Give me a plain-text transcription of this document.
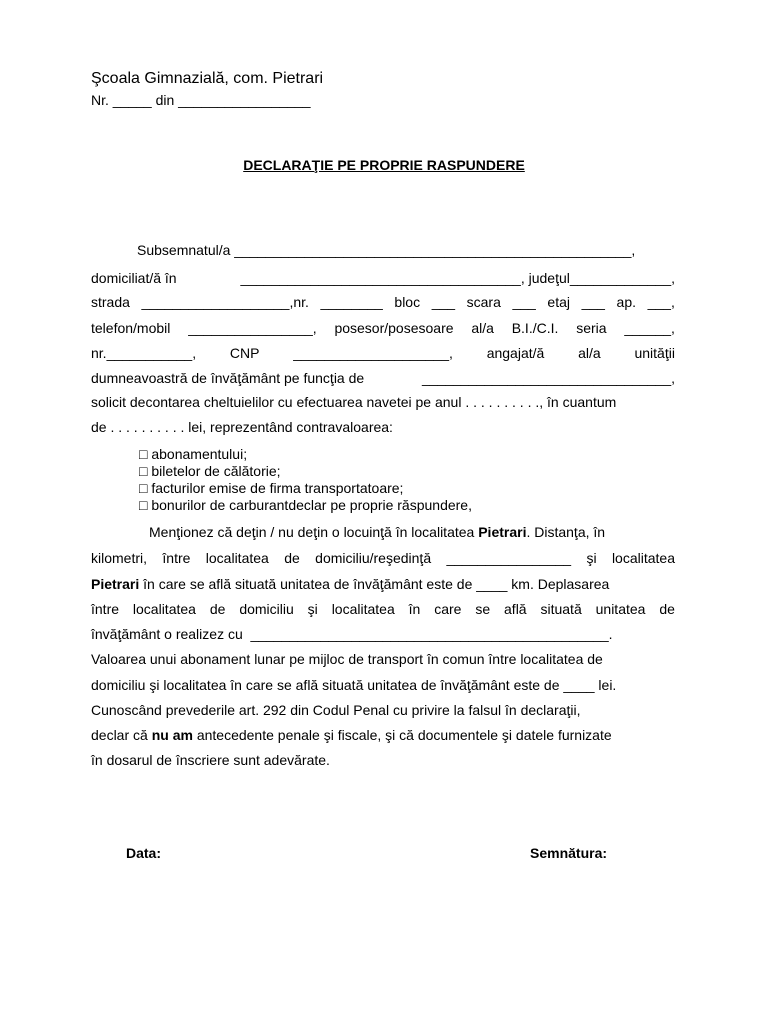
Şcoala Gimnazială, com. Pietrari
Nr. _____ din _________________
DECLARAŢIE PE PROPRIE RASPUNDERE
Subsemnatul/a ___________________________________________________,
domiciliat/ă în	____________________________________, judeţul_____________,
strada ___________________,nr. ________ bloc ___ scara ___ etaj ___ ap. ___,
telefon/mobil ________________, posesor/posesoare al/a B.I./C.I. seria ______,
nr.___________, CNP ____________________, angajat/ă al/a unităţii
dumneavoastră de învăţământ pe funcţia de	________________________________,
solicit decontarea cheltuielilor cu efectuarea navetei pe anul . . . . . . . . . ., în cuantum
de . . . . . . . . . . lei, reprezentând contravaloarea:
□ abonamentului;
□ biletelor de călătorie;
□ facturilor emise de firma transportatoare;
□ bonurilor de carburantdeclar pe proprie răspundere,
Menţionez că deţin / nu deţin o locuinţă în localitatea Pietrari . Distanţa, în
kilometri, între localitatea de domiciliu/reşedinţă ________________ şi localitatea
Pietrari în care se află situată unitatea de învăţământ este de ____ km. Deplasarea
între localitatea de domiciliu şi localitatea în care se află situată unitatea de
învăţământ o realizez cu  ______________________________________________.
Valoarea unui abonament lunar pe mijloc de transport în comun între localitatea de
domiciliu şi localitatea în care se află situată unitatea de învăţământ este de ____ lei.
Cunoscând prevederile art. 292 din Codul Penal cu privire la falsul în declaraţii,
declar că nu am antecedente penale şi fiscale, şi că documentele şi datele furnizate
în dosarul de înscriere sunt adevărate.
Data:	Semnătura:
